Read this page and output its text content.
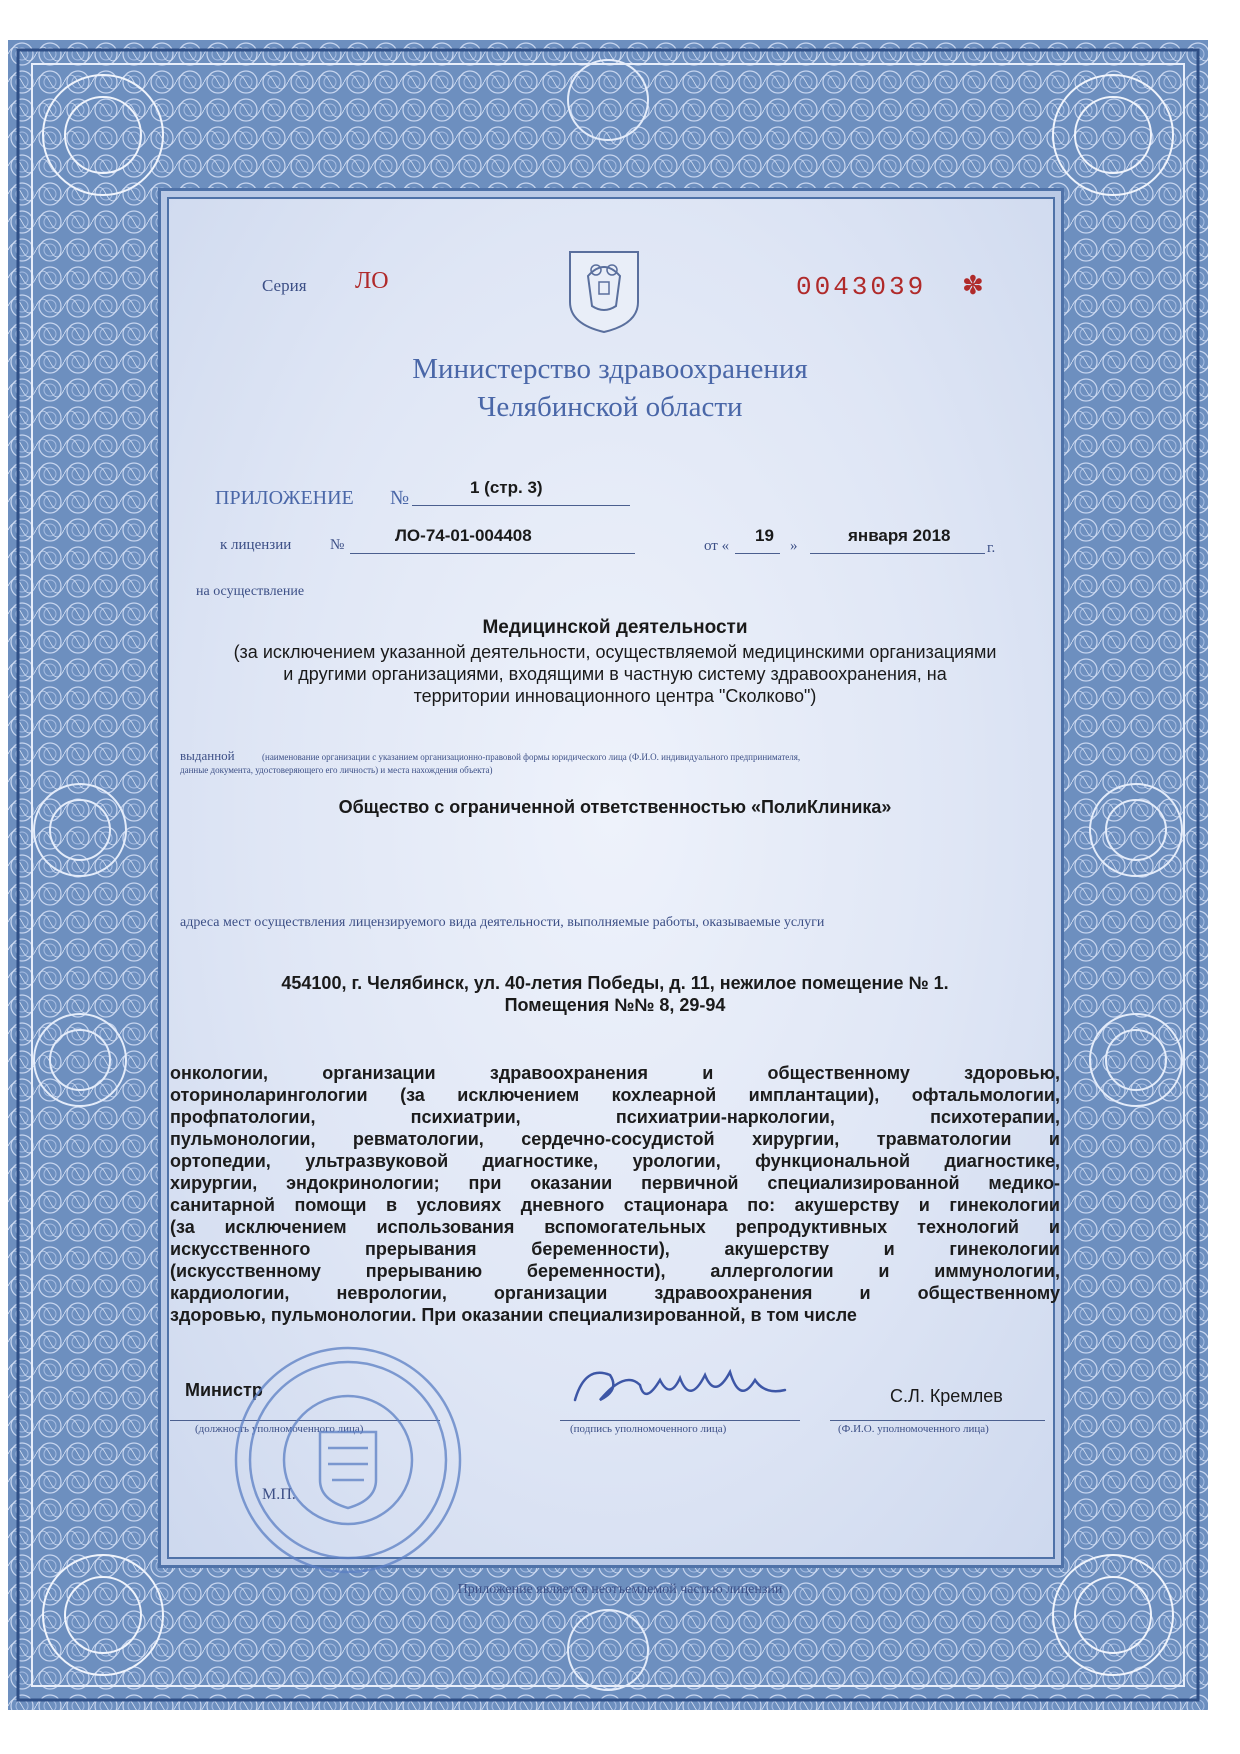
Серия ЛО	0043039 ✽
Министерство здравоохранения
Челябинской области
ПРИЛОЖЕНИЕ №	1 (стр. 3)
к лицензии	№	ЛО-74-01-004408
от «
19
»
января 2018
г.
на осуществление
Медицинской деятельности
(за исключением указанной деятельности, осуществляемой медицинскими организациями
и другими организациями, входящими в частную систему здравоохранения, на
территории инновационного центра "Сколково")
выданной	(наименование организации с указанием организационно-правовой формы юридического лица (Ф.И.О. индивидуального предпринимателя,
данные документа, удостоверяющего его личность) и места нахождения объекта)
Общество с ограниченной ответственностью «ПолиКлиника»
адреса мест осуществления лицензируемого вида деятельности, выполняемые работы, оказываемые услуги
454100, г. Челябинск, ул. 40-летия Победы, д. 11, нежилое помещение № 1.
Помещения №№ 8, 29-94
онкологии, организации здравоохранения и общественному здоровью,
оториноларингологии (за исключением кохлеарной имплантации), офтальмологии,
профпатологии, психиатрии, психиатрии-наркологии, психотерапии,
пульмонологии, ревматологии, сердечно-сосудистой хирургии, травматологии и
ортопедии, ультразвуковой диагностике, урологии, функциональной диагностике,
хирургии, эндокринологии; при оказании первичной специализированной медико-
санитарной помощи в условиях дневного стационара по: акушерству и гинекологии
(за исключением использования вспомогательных репродуктивных технологий и
искусственного прерывания беременности), акушерству и гинекологии
(искусственному прерыванию беременности), аллергологии и иммунологии,
кардиологии, неврологии, организации здравоохранения и общественному
здоровью, пульмонологии. При оказании специализированной, в том числе
Министр	С.Л. Кремлев
(должность уполномоченного лица)	(подпись уполномоченного лица)	(Ф.И.О. уполномоченного лица)
М.П.
Приложение является неотъемлемой частью лицензии
